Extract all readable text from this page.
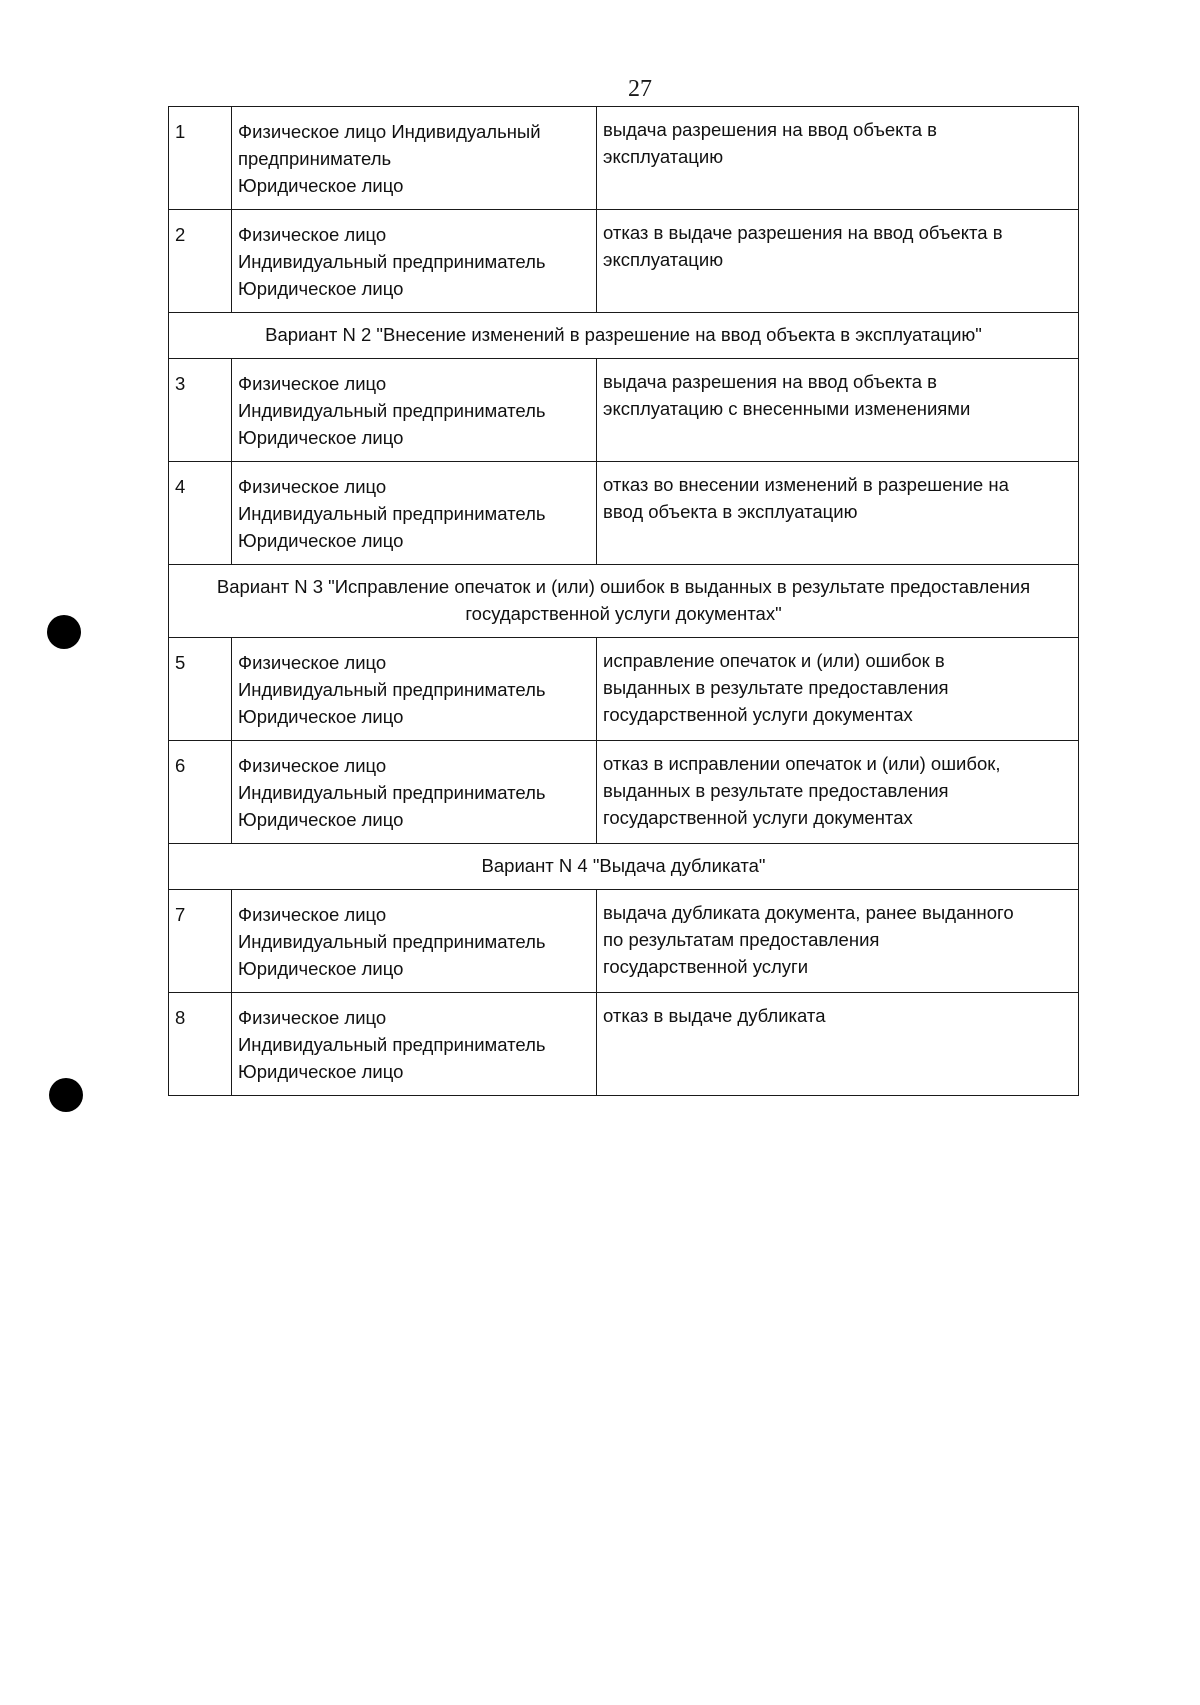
27
1	Физическое лицо Индивидуальный
предприниматель
Юридическое лицо	выдача разрешения на ввод объекта в
эксплуатацию

2	Физическое лицо
Индивидуальный предприниматель
Юридическое лицо	отказ в выдаче разрешения на ввод объекта в
эксплуатацию

Вариант N 2 "Внесение изменений в разрешение на ввод объекта в эксплуатацию"		

3	Физическое лицо
Индивидуальный предприниматель
Юридическое лицо	выдача разрешения на ввод объекта в
эксплуатацию с внесенными изменениями

4	Физическое лицо
Индивидуальный предприниматель
Юридическое лицо	отказ во внесении изменений в разрешение на
ввод объекта в эксплуатацию

Вариант N 3 "Исправление опечаток и (или) ошибок в выданных в результате предоставления
государственной услуги документах"		

5	Физическое лицо
Индивидуальный предприниматель
Юридическое лицо	исправление опечаток и (или) ошибок в
выданных в результате предоставления
государственной услуги документах

6	Физическое лицо
Индивидуальный предприниматель
Юридическое лицо	отказ в исправлении опечаток и (или) ошибок,
выданных в результате предоставления
государственной услуги документах

Вариант N 4 "Выдача дубликата"		

7	Физическое лицо
Индивидуальный предприниматель
Юридическое лицо	выдача дубликата документа, ранее выданного
по результатам предоставления
государственной услуги

8	Физическое лицо
Индивидуальный предприниматель
Юридическое лицо	отказ в выдаче дубликата
